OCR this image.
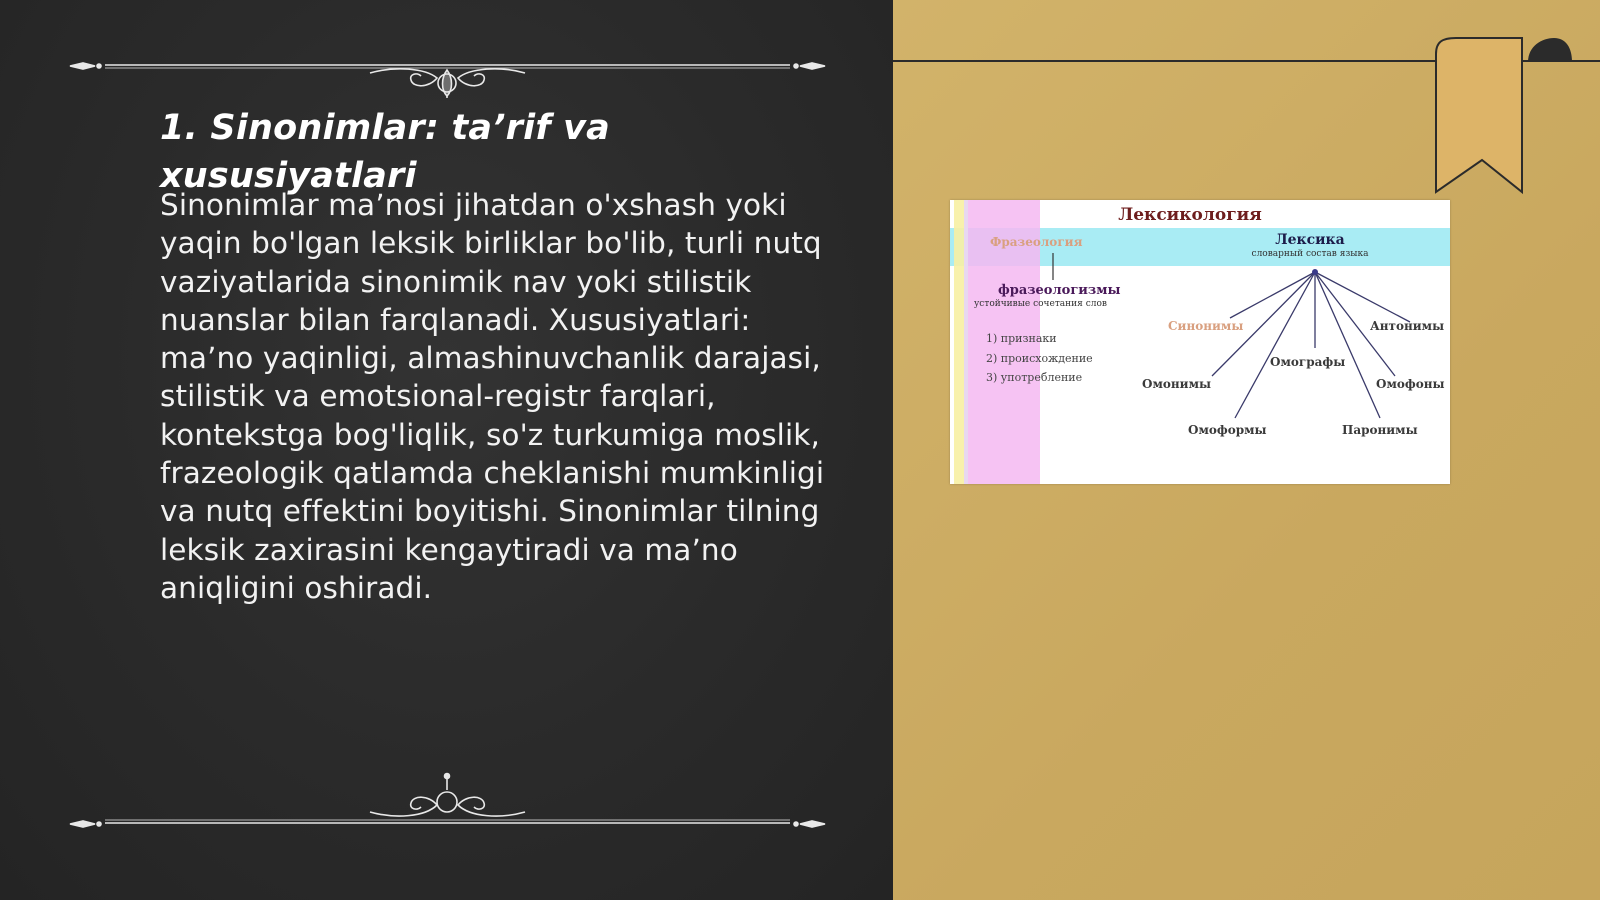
1. Sinonimlar: ta’rif va xususiyatlari

Sinonimlar ma’nosi jihatdan o'xshash yoki yaqin bo'lgan leksik birliklar bo'lib, turli nutq vaziyatlarida sinonimik nav yoki stilistik nuanslar bilan farqlanadi. Xususiyatlari: ma’no yaqinligi, almashinuvchanlik darajasi, stilistik va emotsional-registr farqlari, kontekstga bog'liqlik, so'z turkumiga moslik, frazeologik qatlamda cheklanishi mumkinligi va nutq effektini boyitishi. Sinonimlar tilning leksik zaxirasini kengaytiradi va ma’no aniqligini oshiradi.

Лексикология
Фразеология	Лексика
словарный состав языка
фразеологизмы
устойчивые сочетания слов
1) признаки
2) происхождение
3) употребление
Синонимы	Антонимы
Омографы
Омонимы	Омофоны
Омоформы	Паронимы
